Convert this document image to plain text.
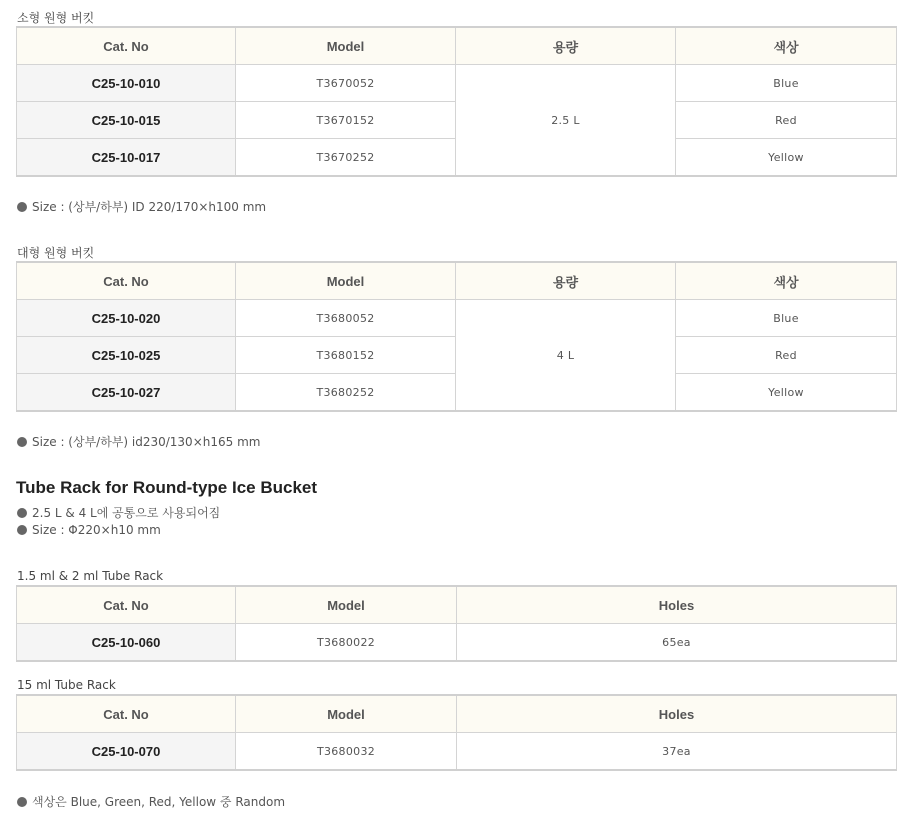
소형 원형 버킷
Cat. No	Model	용량	색상
C25-10-010	T3670052	2.5 L	Blue
C25-10-015	T3670152		Red
C25-10-017	T3670252		Yellow
Size : (상부/하부) ID 220/170×h100 mm
대형 원형 버킷
Cat. No	Model	용량	색상
C25-10-020	T3680052	4 L	Blue
C25-10-025	T3680152		Red
C25-10-027	T3680252		Yellow
Size : (상부/하부) id230/130×h165 mm
Tube Rack for Round-type Ice Bucket
2.5 L & 4 L에 공통으로 사용되어짐
Size : Φ220×h10 mm
1.5 ml & 2 ml Tube Rack
Cat. No	Model	Holes
C25-10-060	T3680022	65ea
15 ml Tube Rack
Cat. No	Model	Holes
C25-10-070	T3680032	37ea
색상은 Blue, Green, Red, Yellow 중 Random
